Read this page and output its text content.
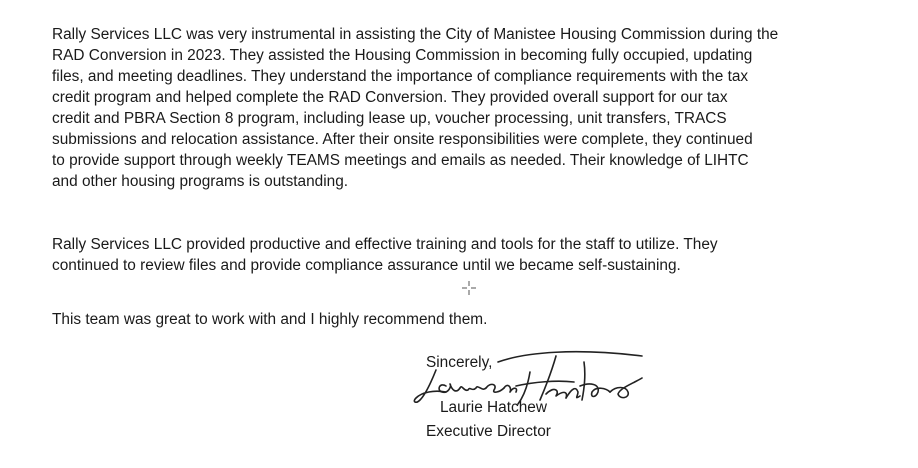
Rally Services LLC was very instrumental in assisting the City of Manistee Housing Commission during the
RAD Conversion in 2023. They assisted the Housing Commission in becoming fully occupied, updating
files, and meeting deadlines. They understand the importance of compliance requirements with the tax
credit program and helped complete the RAD Conversion. They provided overall support for our tax
credit and PBRA Section 8 program, including lease up, voucher processing, unit transfers, TRACS
submissions and relocation assistance. After their onsite responsibilities were complete, they continued
to provide support through weekly TEAMS meetings and emails as needed. Their knowledge of LIHTC
and other housing programs is outstanding.

Rally Services LLC provided productive and effective training and tools for the staff to utilize. They
continued to review files and provide compliance assurance until we became self-sustaining.

This team was great to work with and I highly recommend them.

Sincerely,
Laurie Hatchew
Executive Director
